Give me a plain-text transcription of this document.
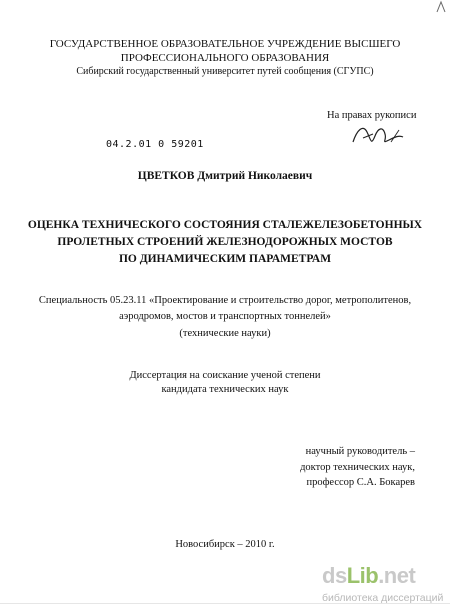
ГОСУДАРСТВЕННОЕ ОБРАЗОВАТЕЛЬНОЕ УЧРЕЖДЕНИЕ ВЫСШЕГО
ПРОФЕССИОНАЛЬНОГО ОБРАЗОВАНИЯ
Сибирский государственный университет путей сообщения (СГУПС)
На правах рукописи
04.2.01 0 59201
ЦВЕТКОВ Дмитрий Николаевич
ОЦЕНКА ТЕХНИЧЕСКОГО СОСТОЯНИЯ СТАЛЕЖЕЛЕЗОБЕТОННЫХ
ПРОЛЕТНЫХ СТРОЕНИЙ ЖЕЛЕЗНОДОРОЖНЫХ МОСТОВ
ПО ДИНАМИЧЕСКИМ ПАРАМЕТРАМ
Специальность 05.23.11 «Проектирование и строительство дорог, метрополитенов,
аэродромов, мостов и транспортных тоннелей»
(технические науки)
Диссертация на соискание ученой степени
кандидата технических наук
научный руководитель –
доктор технических наук,
профессор С.А. Бокарев
Новосибирск – 2010 г.
dsLib.net
библиотека диссертаций
